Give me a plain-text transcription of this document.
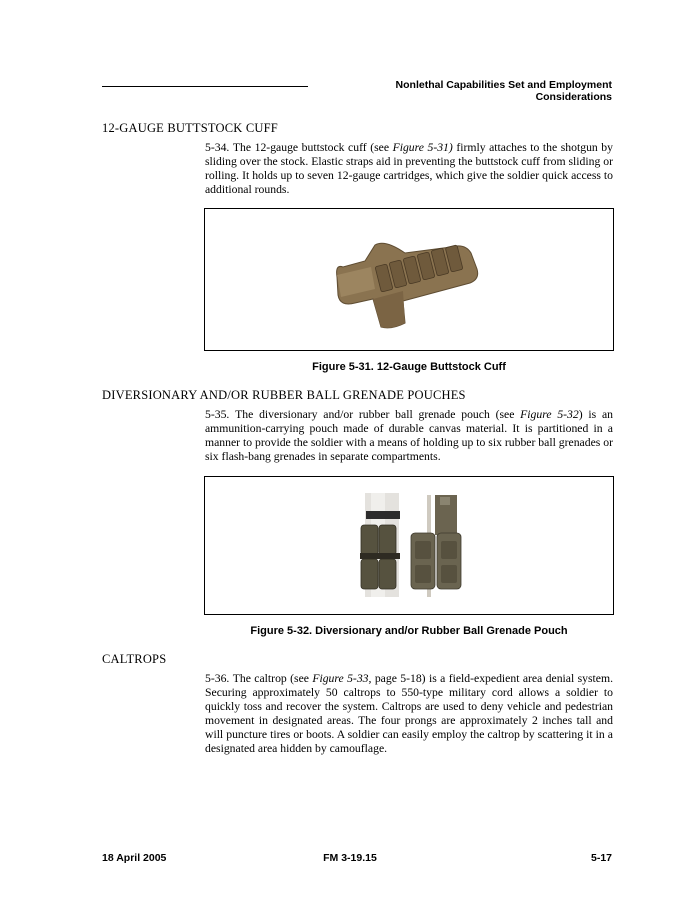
Nonlethal Capabilities Set and Employment Considerations
12-GAUGE BUTTSTOCK CUFF

5-34. The 12-gauge buttstock cuff (see Figure 5-31) firmly attaches to the shotgun by sliding over the stock. Elastic straps aid in preventing the buttstock cuff from sliding or rolling. It holds up to seven 12-gauge cartridges, which give the soldier quick access to additional rounds.

Figure 5-31. 12-Gauge Buttstock Cuff
DIVERSIONARY AND/OR RUBBER BALL GRENADE POUCHES

5-35. The diversionary and/or rubber ball grenade pouch (see Figure 5-32) is an ammunition-carrying pouch made of durable canvas material. It is partitioned in a manner to provide the soldier with a means of holding up to six rubber ball grenades or six flash-bang grenades in separate compartments.

Figure 5-32. Diversionary and/or Rubber Ball Grenade Pouch
CALTROPS

5-36. The caltrop (see Figure 5-33, page 5-18) is a field-expedient area denial system. Securing approximately 50 caltrops to 550-type military cord allows a soldier to quickly toss and recover the system. Caltrops are used to deny vehicle and pedestrian movement in designated areas. The four prongs are approximately 2 inches tall and will puncture tires or boots. A soldier can easily employ the caltrop by scattering it in a designated area hidden by camouflage.

18 April 2005	FM 3-19.15	5-17
